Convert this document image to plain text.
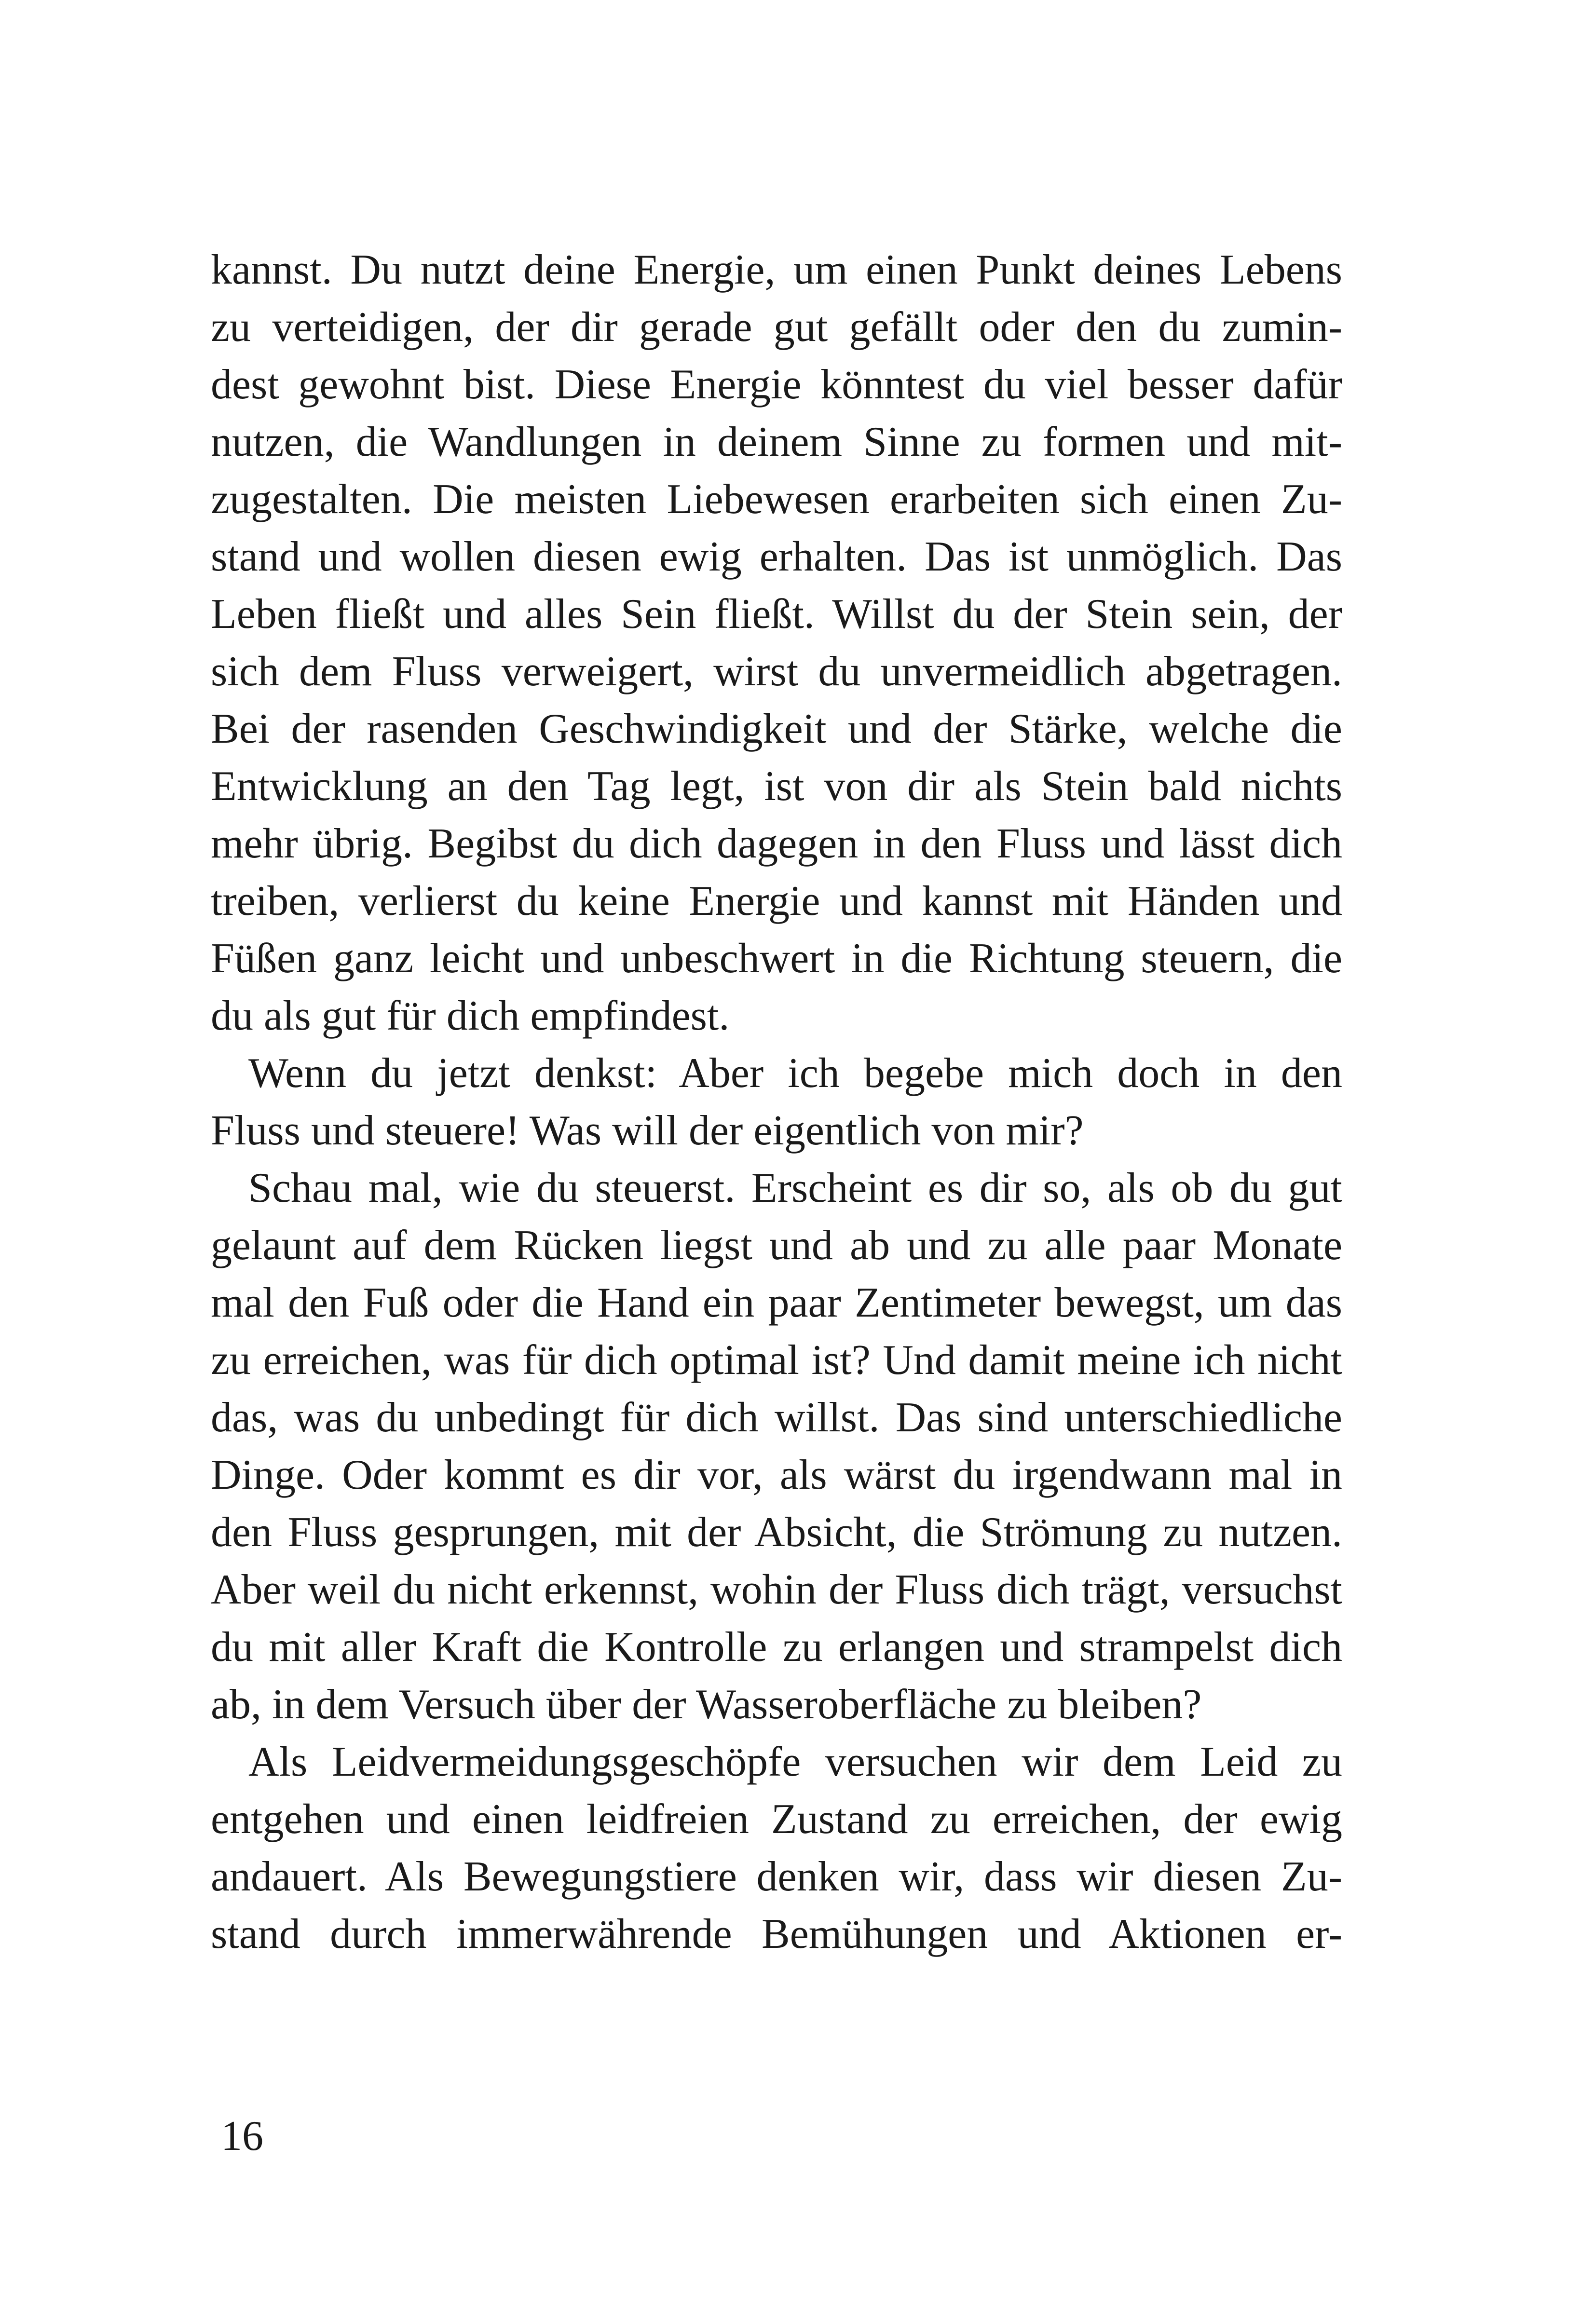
kannst. Du nutzt deine Energie, um einen Punkt deines Lebens
zu verteidigen, der dir gerade gut gefällt oder den du zumin-
dest gewohnt bist. Diese Energie könntest du viel besser dafür
nutzen, die Wandlungen in deinem Sinne zu formen und mit-
zugestalten. Die meisten Liebewesen erarbeiten sich einen Zu-
stand und wollen diesen ewig erhalten. Das ist unmöglich. Das
Leben fließt und alles Sein fließt. Willst du der Stein sein, der
sich dem Fluss verweigert, wirst du unvermeidlich abgetragen.
Bei der rasenden Geschwindigkeit und der Stärke, welche die
Entwicklung an den Tag legt, ist von dir als Stein bald nichts
mehr übrig. Begibst du dich dagegen in den Fluss und lässt dich
treiben, verlierst du keine Energie und kannst mit Händen und
Füßen ganz leicht und unbeschwert in die Richtung steuern, die
du als gut für dich empfindest.
Wenn du jetzt denkst: Aber ich begebe mich doch in den
Fluss und steuere! Was will der eigentlich von mir?
Schau mal, wie du steuerst. Erscheint es dir so, als ob du gut
gelaunt auf dem Rücken liegst und ab und zu alle paar Monate
mal den Fuß oder die Hand ein paar Zentimeter bewegst, um das
zu erreichen, was für dich optimal ist? Und damit meine ich nicht
das, was du unbedingt für dich willst. Das sind unterschiedliche
Dinge. Oder kommt es dir vor, als wärst du irgendwann mal in
den Fluss gesprungen, mit der Absicht, die Strömung zu nutzen.
Aber weil du nicht erkennst, wohin der Fluss dich trägt, versuchst
du mit aller Kraft die Kontrolle zu erlangen und strampelst dich
ab, in dem Versuch über der Wasseroberfläche zu bleiben?
Als Leidvermeidungsgeschöpfe versuchen wir dem Leid zu
entgehen und einen leidfreien Zustand zu erreichen, der ewig
andauert. Als Bewegungstiere denken wir, dass wir diesen Zu-
stand durch immerwährende Bemühungen und Aktionen er-
16
